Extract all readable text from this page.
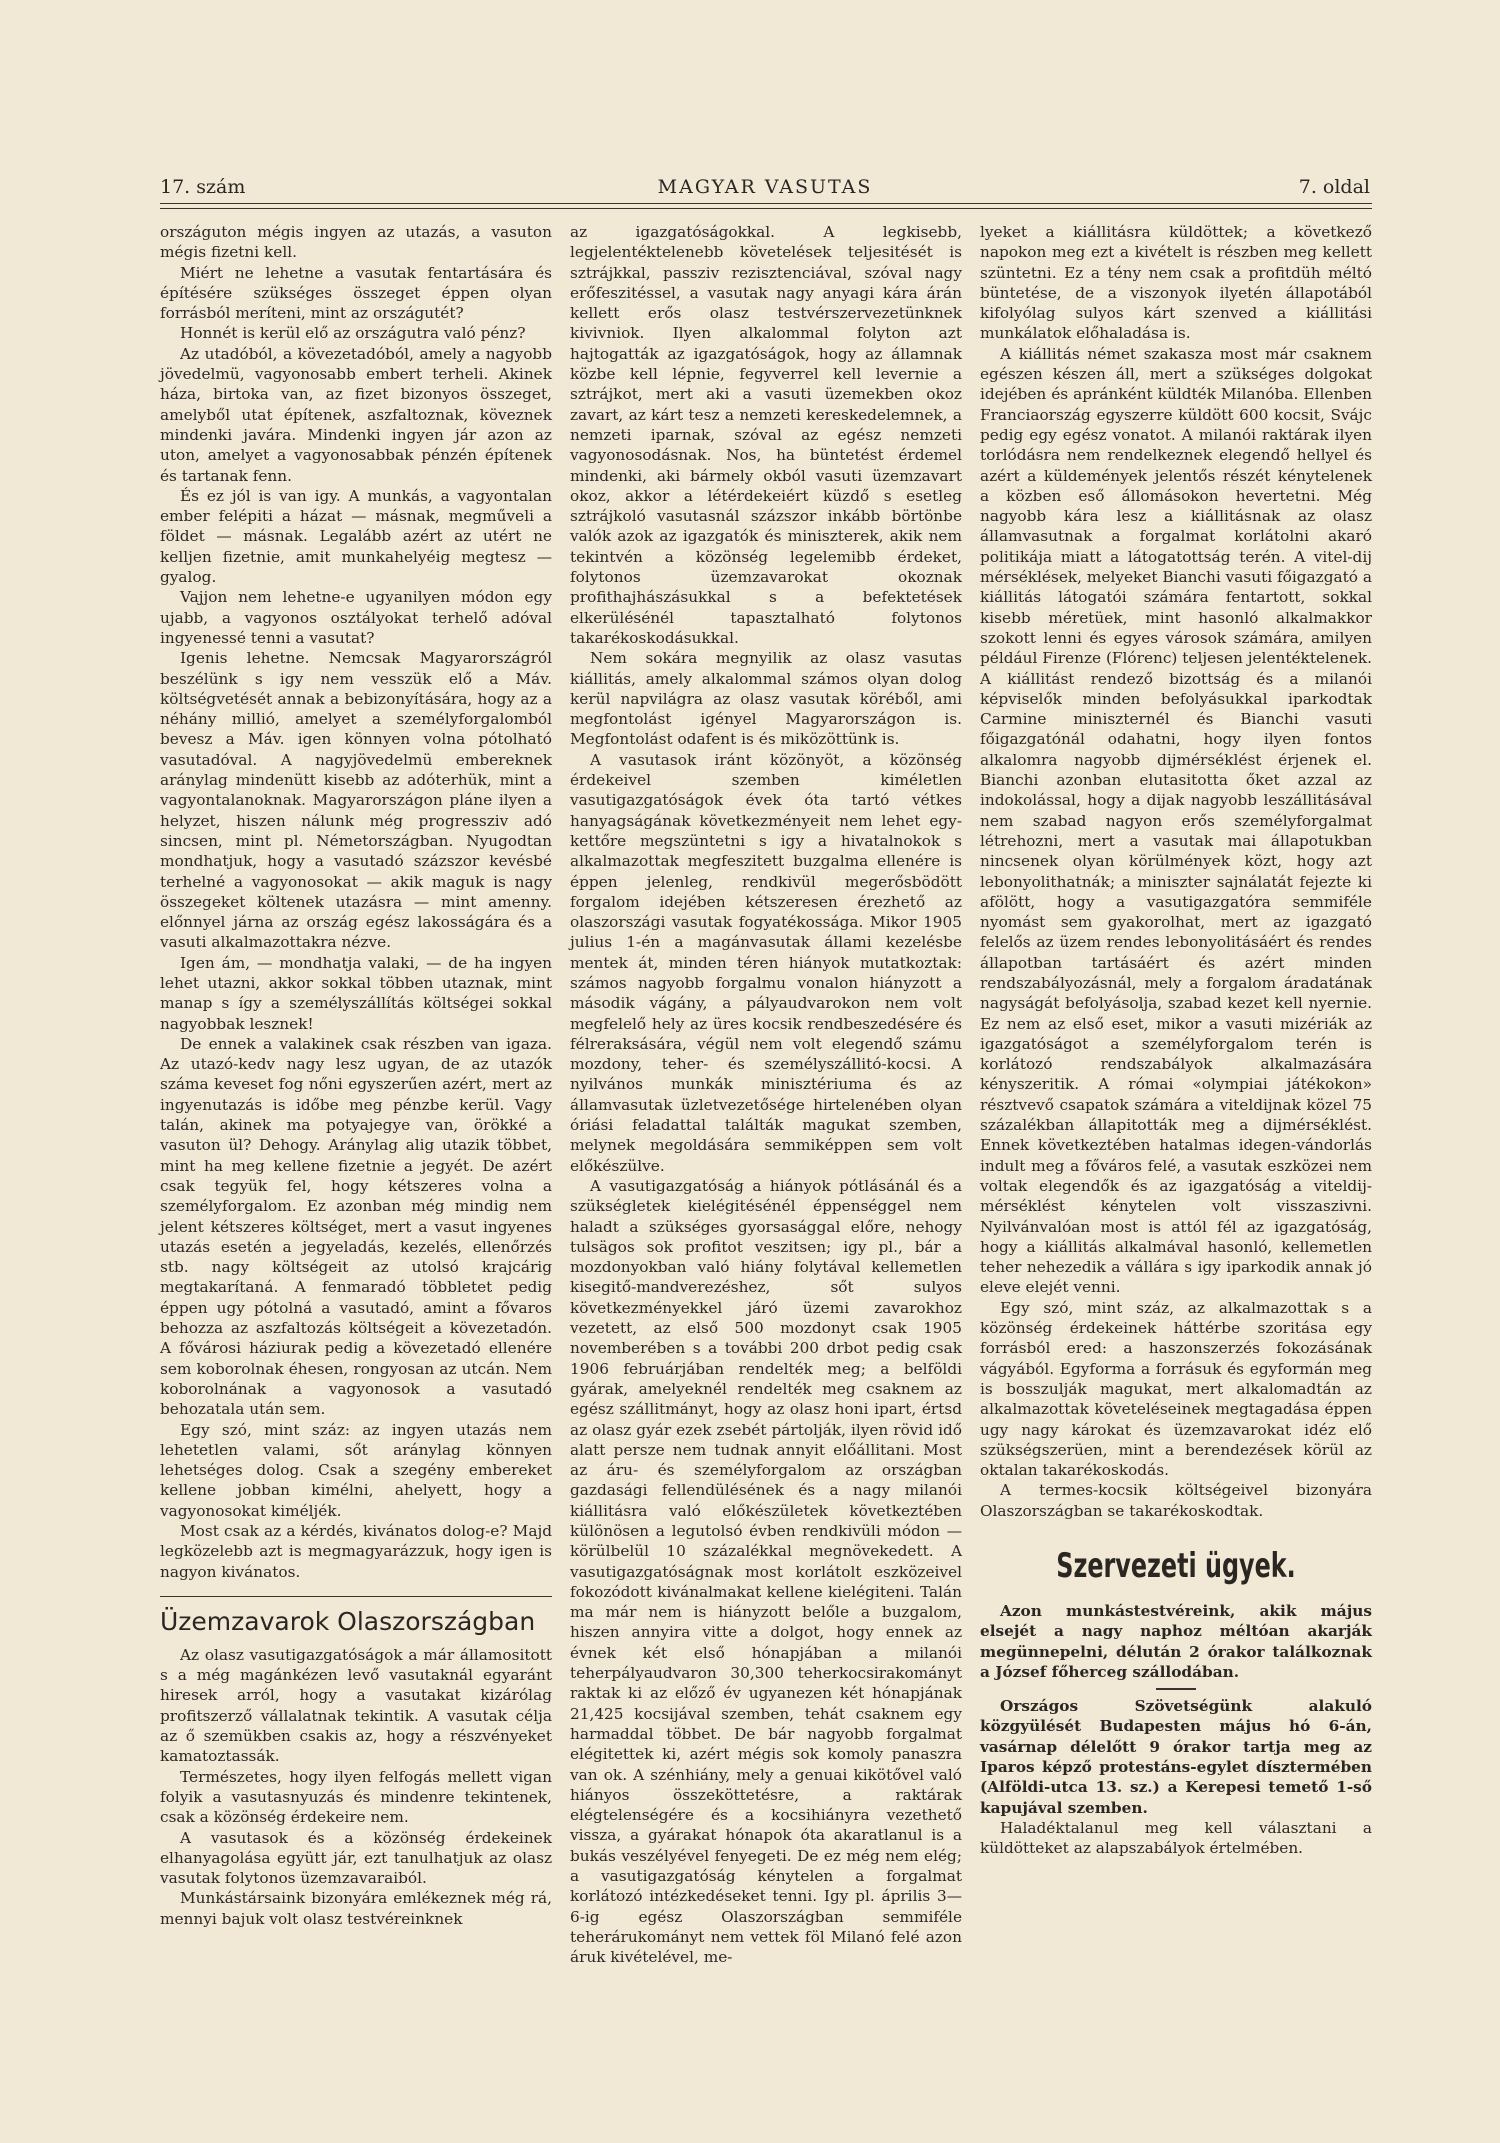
17. szám	MAGYAR VASUTAS	7. oldal

országuton mégis ingyen az utazás, a vasuton mégis fizetni kell.

Miért ne lehetne a vasutak fentartására és építésére szükséges összeget éppen olyan forrásból meríteni, mint az országutét?

Honnét is kerül elő az országutra való pénz?

Az utadóból, a kövezetadóból, amely a nagyobb jövedelmü, vagyonosabb embert terheli. Akinek háza, birtoka van, az fizet bizonyos összeget, amelyből utat építenek, aszfaltoznak, köveznek mindenki javára. Mindenki ingyen jár azon az uton, amelyet a vagyonosabbak pénzén építenek és tartanak fenn.

És ez jól is van igy. A munkás, a vagyontalan ember felépiti a házat — másnak, megműveli a földet — másnak. Legalább azért az utért ne kelljen fizetnie, amit munkahelyéig megtesz — gyalog.

Vajjon nem lehetne-e ugyanilyen módon egy ujabb, a vagyonos osztályokat terhelő adóval ingyenessé tenni a vasutat?

Igenis lehetne. Nemcsak Magyarországról beszélünk s igy nem vesszük elő a Máv. költségvetését annak a bebizonyítására, hogy az a néhány millió, amelyet a személyforgalomból bevesz a Máv. igen könnyen volna pótolható vasutadóval. A nagyjövedelmü embereknek aránylag mindenütt kisebb az adóterhük, mint a vagyontalanoknak. Magyarországon pláne ilyen a helyzet, hiszen nálunk még progressziv adó sincsen, mint pl. Németországban. Nyugodtan mondhatjuk, hogy a vasutadó százszor kevésbé terhelné a vagyonosokat — akik maguk is nagy összegeket költenek utazásra — mint amenny. előnnyel járna az ország egész lakosságára és a vasuti alkalmazottakra nézve.

Igen ám, — mondhatja valaki, — de ha ingyen lehet utazni, akkor sokkal többen utaznak, mint manap s így a személyszállítás költségei sokkal nagyobbak lesznek!

De ennek a valakinek csak részben van igaza. Az utazó-kedv nagy lesz ugyan, de az utazók száma keveset fog nőni egyszerűen azért, mert az ingyenutazás is időbe meg pénzbe kerül. Vagy talán, akinek ma potyajegye van, örökké a vasuton ül? Dehogy. Aránylag alig utazik többet, mint ha meg kellene fizetnie a jegyét. De azért csak tegyük fel, hogy kétszeres volna a személyforgalom. Ez azonban még mindig nem jelent kétszeres költséget, mert a vasut ingyenes utazás esetén a jegyeladás, kezelés, ellenőrzés stb. nagy költségeit az utolsó krajcárig megtakarítaná. A fenmaradó többletet pedig éppen ugy pótolná a vasutadó, amint a fővaros behozza az aszfaltozás költségeit a kövezetadón. A fővárosi háziurak pedig a kövezetadó ellenére sem koborolnak éhesen, rongyosan az utcán. Nem koborolnának a vagyonosok a vasutadó behozatala után sem.

Egy szó, mint száz: az ingyen utazás nem lehetetlen valami, sőt aránylag könnyen lehetséges dolog. Csak a szegény embereket kellene jobban kimélni, ahelyett, hogy a vagyonosokat kiméljék.

Most csak az a kérdés, kivánatos dolog-e? Majd legközelebb azt is megmagyarázzuk, hogy igen is nagyon kivánatos.

Üzemzavarok Olaszországban

Az olasz vasutigazgatóságok a már államositott s a még magánkézen levő vasutaknál egyaránt hiresek arról, hogy a vasutakat kizárólag profitszerző vállalatnak tekintik. A vasutak célja az ő szemükben csakis az, hogy a részvényeket kamatoztassák.

Természetes, hogy ilyen felfogás mellett vigan folyik a vasutasnyuzás és mindenre tekintenek, csak a közönség érdekeire nem.

A vasutasok és a közönség érdekeinek elhanyagolása együtt jár, ezt tanulhatjuk az olasz vasutak folytonos üzemzavaraiból.

Munkástársaink bizonyára emlékeznek még rá, mennyi bajuk volt olasz testvéreinknek

az igazgatóságokkal. A legkisebb, legjelentéktelenebb követelések teljesitését is sztrájkkal, passziv rezisztenciával, szóval nagy erőfeszitéssel, a vasutak nagy anyagi kára árán kellett erős olasz testvérszervezetünknek kivivniok. Ilyen alkalommal folyton azt hajtogatták az igazgatóságok, hogy az államnak közbe kell lépnie, fegyverrel kell levernie a sztrájkot, mert aki a vasuti üzemekben okoz zavart, az kárt tesz a nemzeti kereskedelemnek, a nemzeti iparnak, szóval az egész nemzeti vagyonosodásnak. Nos, ha büntetést érdemel mindenki, aki bármely okból vasuti üzemzavart okoz, akkor a létérdekeiért küzdő s esetleg sztrájkoló vasutasnál százszor inkább börtönbe valók azok az igazgatók és miniszterek, akik nem tekintvén a közönség legelemibb érdeket, folytonos üzemzavarokat okoznak profithajhászásukkal s a befektetések elkerülésénél tapasztalható folytonos takarékoskodásukkal.

Nem sokára megnyilik az olasz vasutas kiállitás, amely alkalommal számos olyan dolog kerül napvilágra az olasz vasutak köréből, ami megfontolást igényel Magyarországon is. Megfontolást odafent is és miközöttünk is.

A vasutasok iránt közönyöt, a közönség érdekeivel szemben kiméletlen vasutigazgatóságok évek óta tartó vétkes hanyagságának következményeit nem lehet egy-kettőre megszüntetni s igy a hivatalnokok s alkalmazottak megfeszitett buzgalma ellenére is éppen jelenleg, rendkivül megerősbödött forgalom idejében kétszeresen érezhető az olaszországi vasutak fogyatékossága. Mikor 1905 julius 1-én a magánvasutak állami kezelésbe mentek át, minden téren hiányok mutatkoztak: számos nagyobb forgalmu vonalon hiányzott a második vágány, a pályaudvarokon nem volt megfelelő hely az üres kocsik rendbeszedésére és félreraksására, végül nem volt elegendő számu mozdony, teher- és személyszállitó-kocsi. A nyilvános munkák minisztériuma és az államvasutak üzletvezetősége hirtelenében olyan óriási feladattal találták magukat szemben, melynek megoldására semmiképpen sem volt előkészülve.

A vasutigazgatóság a hiányok pótlásánál és a szükségletek kielégitésénél éppenséggel nem haladt a szükséges gyorsasággal előre, nehogy tulsägos sok profitot veszitsen; igy pl., bár a mozdonyokban való hiány folytával kellemetlen kisegitő-mandverezéshez, sőt sulyos következményekkel járó üzemi zavarokhoz vezetett, az első 500 mozdonyt csak 1905 novemberében s a további 200 drbot pedig csak 1906 februárjában rendelték meg; a belföldi gyárak, amelyeknél rendelték meg csaknem az egész szállitmányt, hogy az olasz honi ipart, értsd az olasz gyár ezek zsebét pártolják, ilyen rövid idő alatt persze nem tudnak annyit előállitani. Most az áru- és személyforgalom az országban gazdasági fellendülésének és a nagy milanói kiállitásra való előkészületek következtében különösen a legutolsó évben rendkivüli módon — körülbelül 10 százalékkal megnövekedett. A vasutigazgatóságnak most korlátolt eszközeivel fokozódott kivánalmakat kellene kielégiteni. Talán ma már nem is hiányzott belőle a buzgalom, hiszen annyira vitte a dolgot, hogy ennek az évnek két első hónapjában a milanói teherpályaudvaron 30,300 teherkocsirakományt raktak ki az előző év ugyanezen két hónapjának 21,425 kocsijával szemben, tehát csaknem egy harmaddal többet. De bár nagyobb forgalmat elégitettek ki, azért mégis sok komoly panaszra van ok. A szénhiány, mely a genuai kikötővel való hiányos összeköttetésre, a raktárak elégtelenségére és a kocsihiányra vezethető vissza, a gyárakat hónapok óta akaratlanul is a bukás veszélyével fenyegeti. De ez még nem elég; a vasutigazgatóság kénytelen a forgalmat korlátozó intézkedéseket tenni. Igy pl. április 3—6-ig egész Olaszországban semmiféle teherárukományt nem vettek föl Milanó felé azon áruk kivételével, me-

lyeket a kiállitásra küldöttek; a következő napokon meg ezt a kivételt is részben meg kellett szüntetni. Ez a tény nem csak a profitdüh méltó büntetése, de a viszonyok ilyetén állapotából kifolyólag sulyos kárt szenved a kiállitási munkálatok előhaladása is.

A kiállitás német szakasza most már csaknem egészen készen áll, mert a szükséges dolgokat idejében és apránként küldték Milanóba. Ellenben Franciaország egyszerre küldött 600 kocsit, Svájc pedig egy egész vonatot. A milanói raktárak ilyen torlódásra nem rendelkeznek elegendő hellyel és azért a küldemények jelentős részét kénytelenek a közben eső állomásokon hevertetni. Még nagyobb kára lesz a kiállitásnak az olasz államvasutnak a forgalmat korlátolni akaró politikája miatt a látogatottság terén. A vitel-dij mérséklések, melyeket Bianchi vasuti főigazgató a kiállitás látogatói számára fentartott, sokkal kisebb méretüek, mint hasonló alkalmakkor szokott lenni és egyes városok számára, amilyen például Firenze (Flórenc) teljesen jelentéktelenek. A kiállitást rendező bizottság és a milanói képviselők minden befolyásukkal iparkodtak Carmine miniszternél és Bianchi vasuti főigazgatónál odahatni, hogy ilyen fontos alkalomra nagyobb dijmérséklést érjenek el. Bianchi azonban elutasitotta őket azzal az indokolással, hogy a dijak nagyobb leszállitásával nem szabad nagyon erős személyforgalmat létrehozni, mert a vasutak mai állapotukban nincsenek olyan körülmények közt, hogy azt lebonyolithatnák; a miniszter sajnálatát fejezte ki afölött, hogy a vasutigazgatóra semmiféle nyomást sem gyakorolhat, mert az igazgató felelős az üzem rendes lebonyolitásáért és rendes állapotban tartásáért és azért minden rendszabályozásnál, mely a forgalom áradatának nagyságát befolyásolja, szabad kezet kell nyernie. Ez nem az első eset, mikor a vasuti mizériák az igazgatóságot a személyforgalom terén is korlátozó rendszabályok alkalmazására kényszeritik. A római «olympiai játékokon» résztvevő csapatok számára a viteldijnak közel 75 százalékban állapitották meg a dijmérséklést. Ennek következtében hatalmas idegen-vándorlás indult meg a főváros felé, a vasutak eszközei nem voltak elegendők és az igazgatóság a viteldij-mérséklést kénytelen volt visszaszivni. Nyilvánvalóan most is attól fél az igazgatóság, hogy a kiállitás alkalmával hasonló, kellemetlen teher nehezedik a vállára s igy iparkodik annak jó eleve elejét venni.

Egy szó, mint száz, az alkalmazottak s a közönség érdekeinek háttérbe szoritása egy forrásból ered: a haszonszerzés fokozásának vágyából. Egyforma a forrásuk és egyformán meg is bosszulják magukat, mert alkalomadtán az alkalmazottak követeléseinek megtagadása éppen ugy nagy károkat és üzemzavarokat idéz elő szükségszerüen, mint a berendezések körül az oktalan takarékoskodás.

A termes-kocsik költségeivel bizonyára Olaszországban se takarékoskodtak.

Szervezeti ügyek.

Azon munkástestvéreink, akik május elsejét a nagy naphoz méltóan akarják megünnepelni, délután 2 órakor találkoznak a József főherceg szállodában.

Országos Szövetségünk alakuló közgyülését Budapesten május hó 6-án, vasárnap délelőtt 9 órakor tartja meg az Iparos képző protestáns-egylet dísztermében (Alföldi-utca 13. sz.) a Kerepesi temető 1-ső kapujával szemben.

Haladéktalanul meg kell választani a küldötteket az alapszabályok értelmében.
